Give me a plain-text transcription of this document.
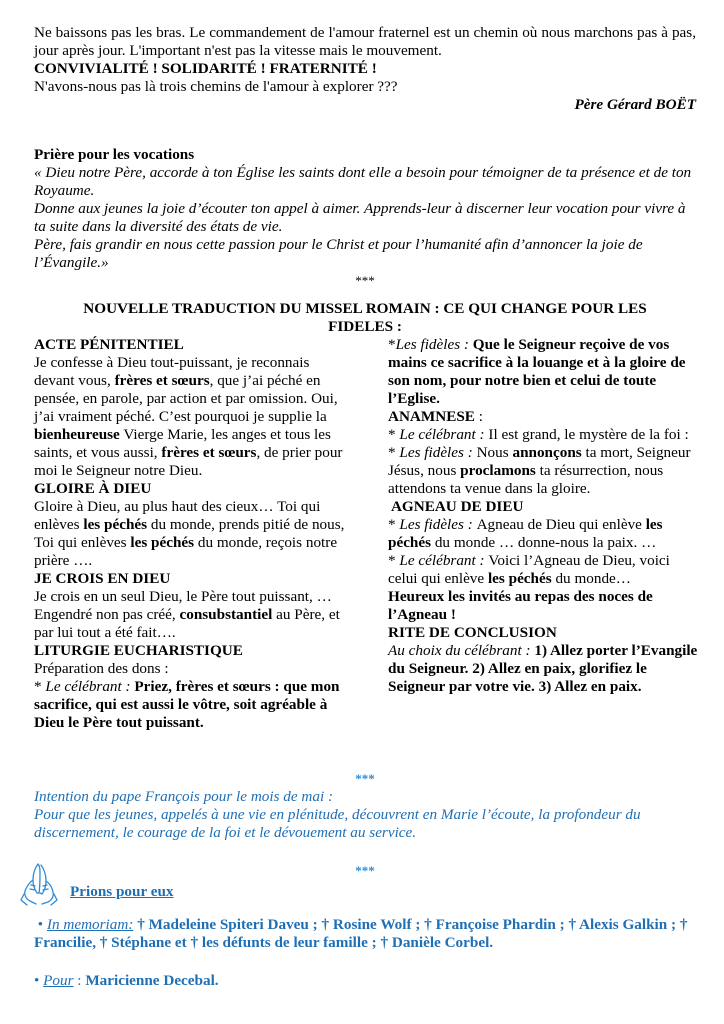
Ne baissons pas les bras. Le commandement de l'amour fraternel est un chemin où nous marchons pas à pas, jour après jour. L'important n'est pas la vitesse mais le mouvement.

CONVIVIALITÉ ! SOLIDARITÉ ! FRATERNITÉ !

N'avons-nous pas là trois chemins de l'amour à explorer ???

Père Gérard BOËT

Prière pour les vocations

« Dieu notre Père, accorde à ton Église les saints dont elle a besoin pour témoigner de ta présence et de ton Royaume.

Donne aux jeunes la joie d’écouter ton appel à aimer. Apprends-leur à discerner leur vocation pour vivre à ta suite dans la diversité des états de vie.

Père, fais grandir en nous cette passion pour le Christ et pour l’humanité afin d’annoncer la joie de l’Évangile.»

***

NOUVELLE TRADUCTION DU MISSEL ROMAIN : CE QUI CHANGE POUR LES

FIDELES :

ACTE PÉNITENTIEL

Je confesse à Dieu tout-puissant, je reconnais devant vous, frères et sœurs, que j’ai péché en pensée, en parole, par action et par omission. Oui, j’ai vraiment péché. C’est pourquoi je supplie la bienheureuse Vierge Marie, les anges et tous les saints, et vous aussi, frères et sœurs, de prier pour moi le Seigneur notre Dieu.

GLOIRE À DIEU

Gloire à Dieu, au plus haut des cieux… Toi qui enlèves les péchés du monde, prends pitié de nous, Toi qui enlèves les péchés du monde, reçois notre prière ….

JE CROIS EN DIEU

Je crois en un seul Dieu, le Père tout puissant, …Engendré non pas créé, consubstantiel au Père, et par lui tout a été fait….

LITURGIE EUCHARISTIQUE

Préparation des dons :

* Le célébrant : Priez, frères et sœurs : que mon sacrifice, qui est aussi le vôtre, soit agréable à Dieu le Père tout puissant.

*Les fidèles : Que le Seigneur reçoive de vos mains ce sacrifice à la louange et à la gloire de son nom, pour notre bien et celui de toute l’Eglise.

ANAMNESE :

* Le célébrant : Il est grand, le mystère de la foi :

* Les fidèles : Nous annonçons ta mort, Seigneur Jésus, nous proclamons ta résurrection, nous attendons ta venue dans la gloire.

AGNEAU DE DIEU

* Les fidèles : Agneau de Dieu qui enlève les péchés du monde … donne-nous la paix. …

* Le célébrant : Voici l’Agneau de Dieu, voici celui qui enlève les péchés du monde…

Heureux les invités au repas des noces de l’Agneau !

RITE DE CONCLUSION

Au choix du célébrant : 1) Allez porter l’Evangile du Seigneur. 2) Allez en paix, glorifiez le Seigneur par votre vie. 3) Allez en paix.

***

Intention du pape François pour le mois de mai :

Pour que les jeunes, appelés à une vie en plénitude, découvrent en Marie l’écoute, la profondeur du discernement, le courage de la foi et le dévouement au service.

***

Prions pour eux

• In memoriam: † Madeleine Spiteri Daveu ; † Rosine Wolf ; † Françoise Phardin ; † Alexis Galkin ; † Francilie, † Stéphane et † les défunts de leur famille ; † Danièle Corbel.

• Pour : Maricienne Decebal.
